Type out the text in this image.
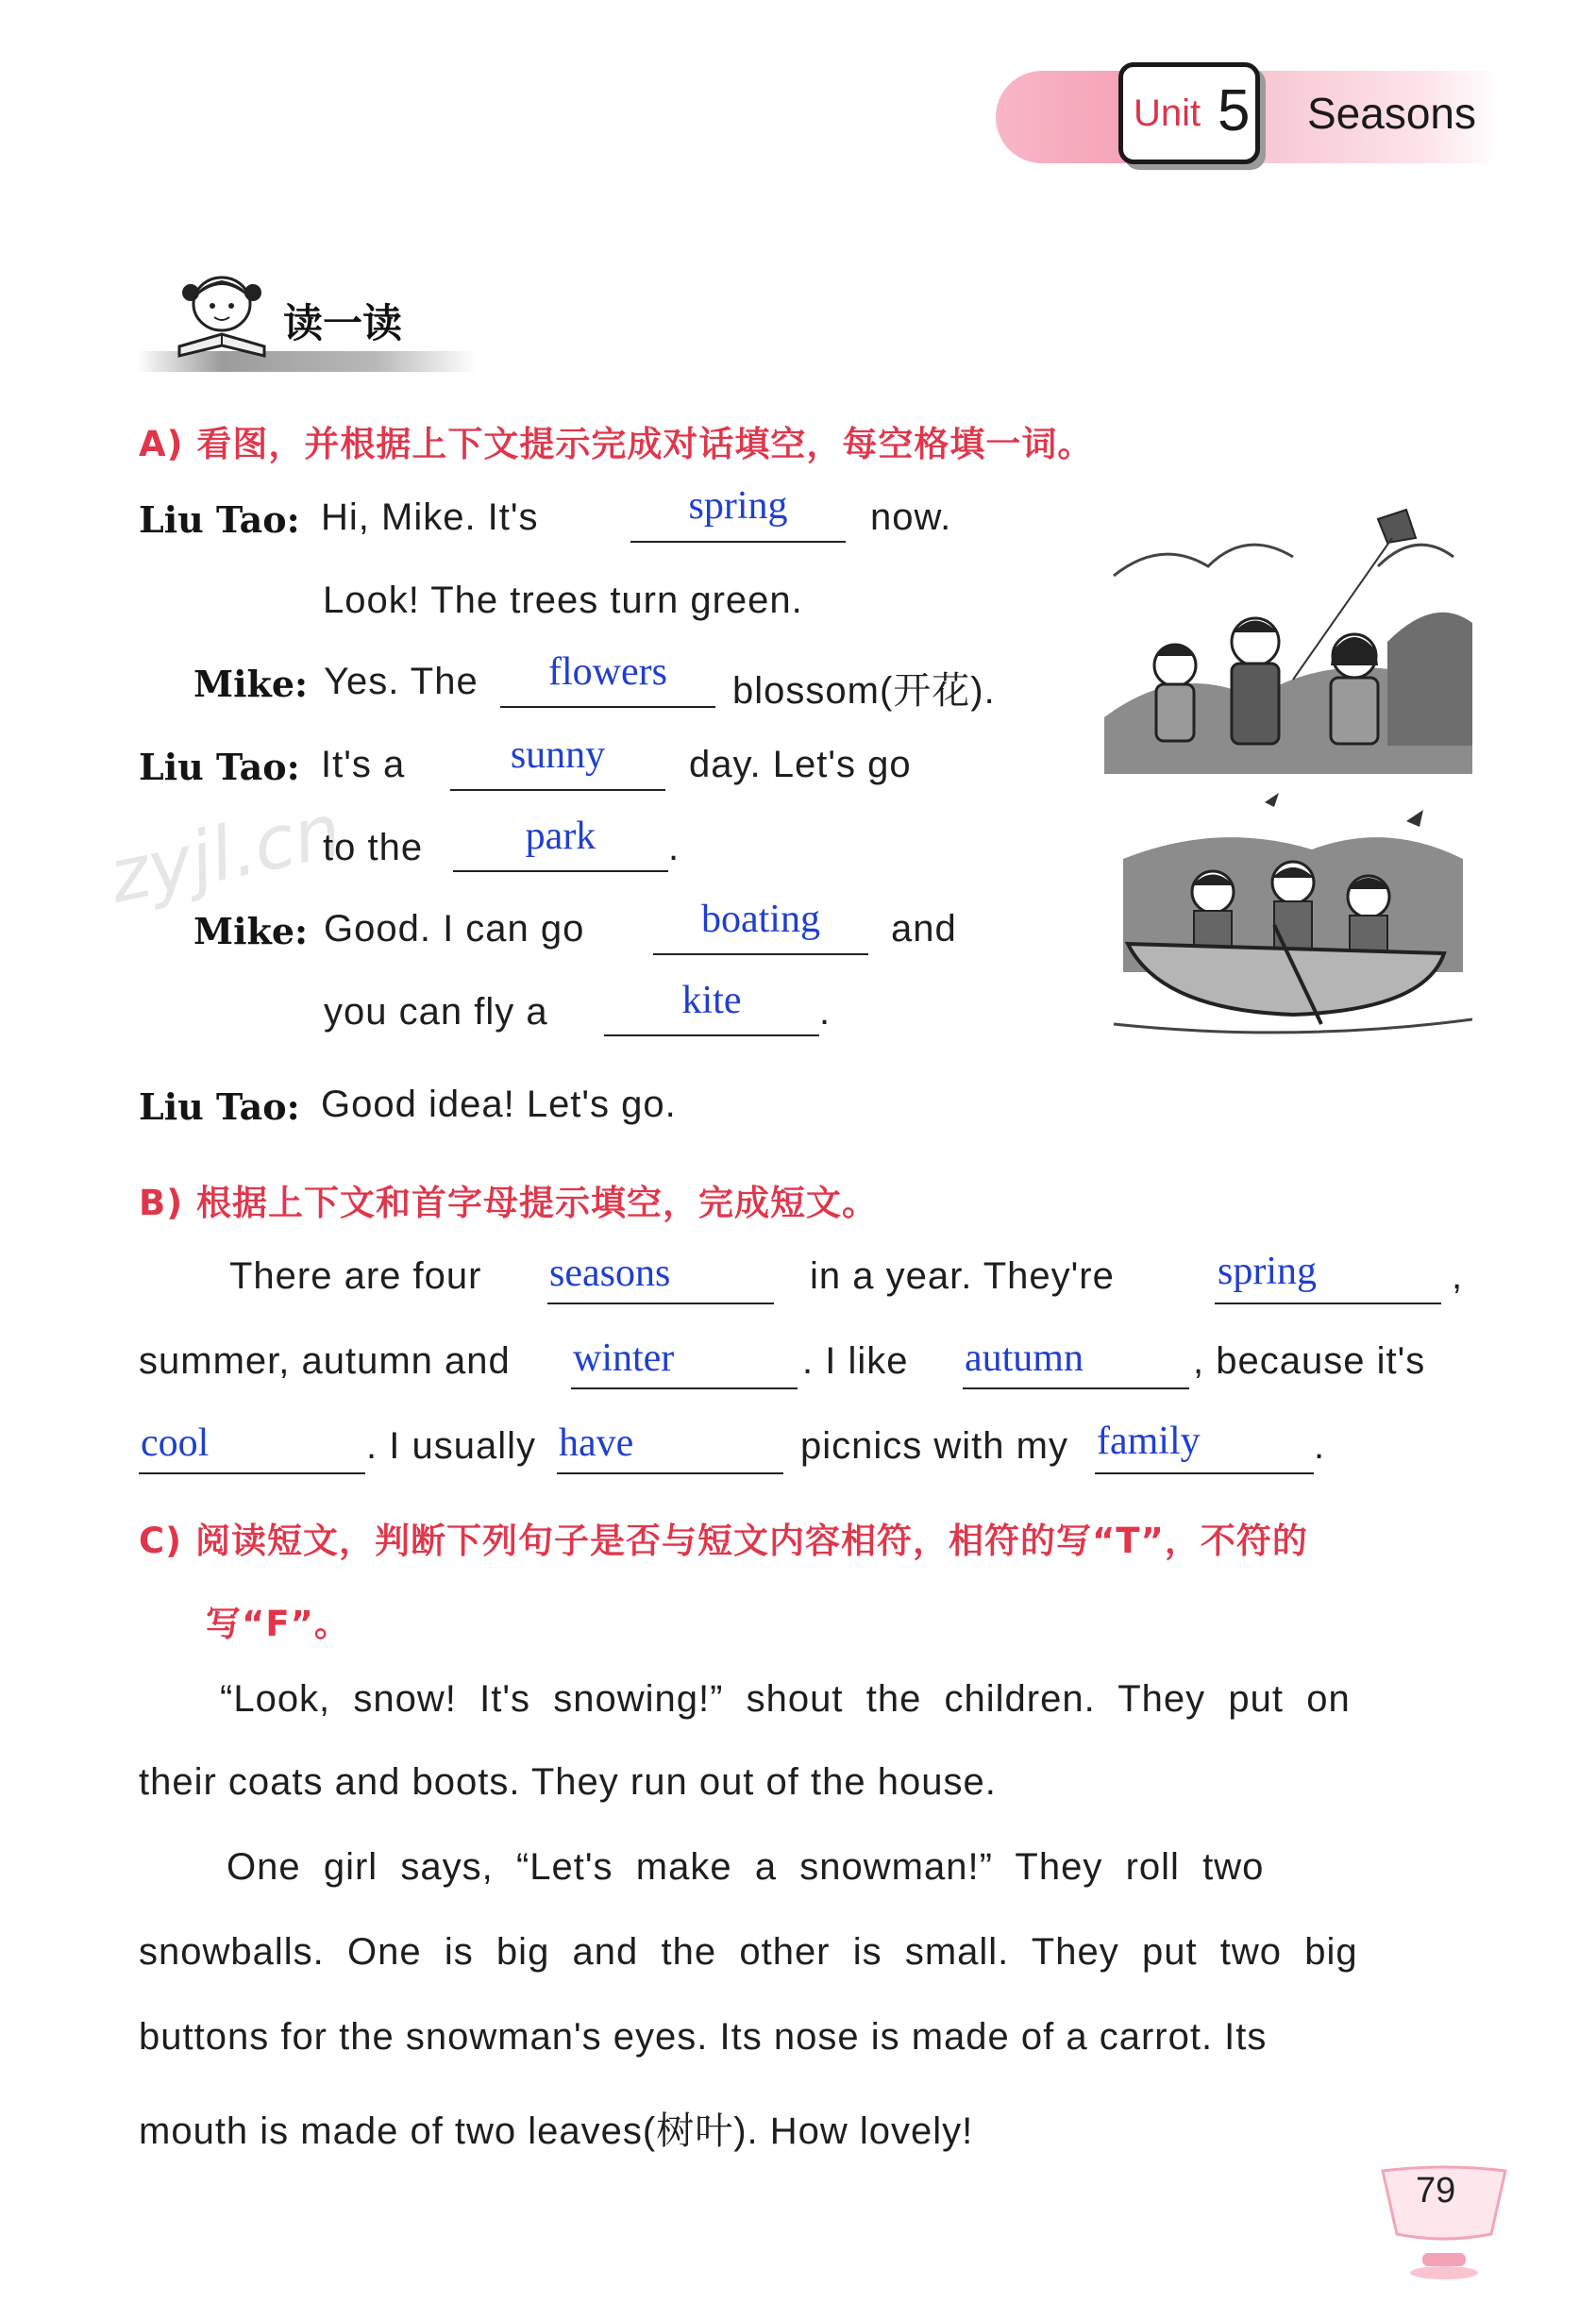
Unit 5 Seasons
读一读
A) 看图，并根据上下文提示完成对话填空，每空格填一词。
zyjl.cn
Liu Tao: Hi, Mike. It's	spring	now.
Look! The trees turn green.
Mike: Yes. The	flowers	blossom(开花).
Liu Tao: It's a	sunny	day. Let's go
to the	park	.
Mike: Good. I can go	boating	and
you can fly a	kite	.
Liu Tao: Good idea! Let's go.
B) 根据上下文和首字母提示填空，完成短文。
There are four seasons	in a year. They're	spring	,
summer, autumn and winter	. I like autumn	, because it's
cool	. I usually have	picnics with my family	.
C) 阅读短文，判断下列句子是否与短文内容相符，相符的写“T”，不符的
写“F”。
“Look,  snow!  It's  snowing!”  shout  the  children.  They  put  on
their coats and boots. They run out of the house.
One  girl  says,  “Let's  make  a  snowman!”  They  roll  two
snowballs.  One  is  big  and  the  other  is  small.  They  put  two  big
buttons for the snowman's eyes. Its nose is made of a carrot. Its
mouth is made of two leaves(树叶). How lovely!
79
